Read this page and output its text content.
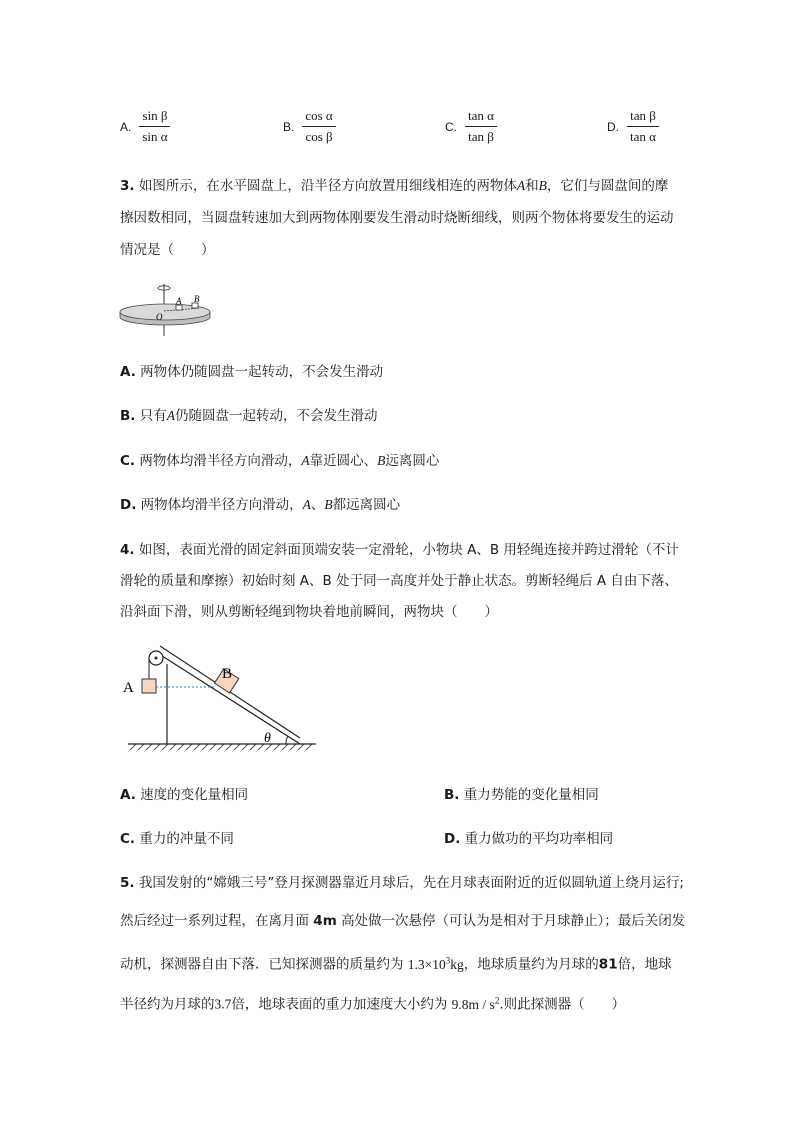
A. $\frac{\text{sin β}}{\text{sin α}}$	B. $\frac{\text{cos α}}{\text{cos β}}$	C. $\frac{\text{tan α}}{\text{tan β}}$	D. $\frac{\text{tan β}}{\text{tan α}}$
3. 如图所示，在水平圆盘上，沿半径方向放置用细线相连的两物体A和B，它们与圆盘间的摩
擦因数相同，当圆盘转速加大到两物体刚要发生滑动时烧断细线，则两个物体将要发生的运动
情况是（　　）
O
A B
A. 两物体仍随圆盘一起转动，不会发生滑动
B. 只有A仍随圆盘一起转动，不会发生滑动
C. 两物体均滑半径方向滑动，A靠近圆心、B远离圆心
D. 两物体均滑半径方向滑动，A、B都远离圆心
4. 如图，表面光滑的固定斜面顶端安装一定滑轮，小物块 A、B 用轻绳连接并跨过滑轮（不计
滑轮的质量和摩擦）初始时刻 A、B 处于同一高度并处于静止状态。剪断轻绳后 A 自由下落、
沿斜面下滑，则从剪断轻绳到物块着地前瞬间，两物块（　　）
A
B
θ
A. 速度的变化量相同	B. 重力势能的变化量相同
C. 重力的冲量不同	D. 重力做功的平均功率相同
5. 我国发射的“嫦娥三号”登月探测器靠近月球后，先在月球表面附近的近似圆轨道上绕月运行;
然后经过一系列过程，在离月面 4m 高处做一次悬停（可认为是相对于月球静止）；最后关闭发
动机，探测器自由下落．已知探测器的质量约为 $1.3\times 10^3kg$，地球质量约为月球的81倍，地球
半径约为月球的3.7倍，地球表面的重力加速度大小约为 $9.8m / s^2$.则此探测器（　　）
